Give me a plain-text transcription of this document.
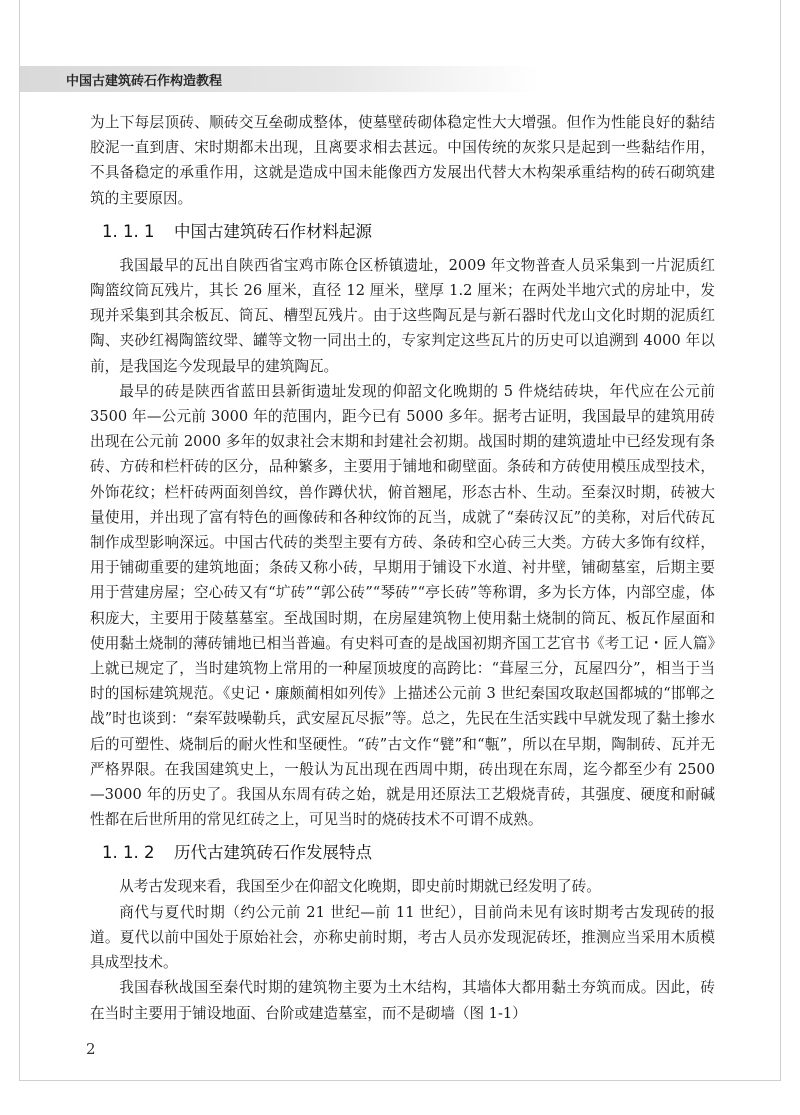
中国古建筑砖石作构造教程

为上下每层顶砖、顺砖交互垒砌成整体，使墓壁砖砌体稳定性大大增强。但作为性能良好的黏结胶泥一直到唐、宋时期都未出现，且离要求相去甚远。中国传统的灰浆只是起到一些黏结作用，不具备稳定的承重作用，这就是造成中国未能像西方发展出代替大木构架承重结构的砖石砌筑建筑的主要原因。

1. 1. 1 中国古建筑砖石作材料起源

我国最早的瓦出自陕西省宝鸡市陈仓区桥镇遗址，2009 年文物普查人员采集到一片泥质红陶篮纹筒瓦残片，其长 26 厘米，直径 12 厘米，壁厚 1.2 厘米；在两处半地穴式的房址中，发现并采集到其余板瓦、筒瓦、槽型瓦残片。由于这些陶瓦是与新石器时代龙山文化时期的泥质红陶、夹砂红褐陶篮纹斝、罐等文物一同出土的，专家判定这些瓦片的历史可以追溯到 4000 年以前，是我国迄今发现最早的建筑陶瓦。

最早的砖是陕西省蓝田县新街遗址发现的仰韶文化晚期的 5 件烧结砖块，年代应在公元前 3500 年—公元前 3000 年的范围内，距今已有 5000 多年。据考古证明，我国最早的建筑用砖出现在公元前 2000 多年的奴隶社会末期和封建社会初期。战国时期的建筑遗址中已经发现有条砖、方砖和栏杆砖的区分，品种繁多，主要用于铺地和砌壁面。条砖和方砖使用模压成型技术，外饰花纹；栏杆砖两面刻兽纹，兽作蹲伏状，俯首翘尾，形态古朴、生动。至秦汉时期，砖被大量使用，并出现了富有特色的画像砖和各种纹饰的瓦当，成就了“秦砖汉瓦”的美称，对后代砖瓦制作成型影响深远。中国古代砖的类型主要有方砖、条砖和空心砖三大类。方砖大多饰有纹样，用于铺砌重要的建筑地面；条砖又称小砖，早期用于铺设下水道、衬井壁，铺砌墓室，后期主要用于营建房屋；空心砖又有“圹砖”“郭公砖”“琴砖”“亭长砖”等称谓，多为长方体，内部空虚，体积庞大，主要用于陵墓墓室。至战国时期，在房屋建筑物上使用黏土烧制的筒瓦、板瓦作屋面和使用黏土烧制的薄砖铺地已相当普遍。有史料可查的是战国初期齐国工艺官书《考工记・匠人篇》上就已规定了，当时建筑物上常用的一种屋顶坡度的高跨比：“葺屋三分，瓦屋四分”，相当于当时的国标建筑规范。《史记・廉颇蔺相如列传》上描述公元前 3 世纪秦国攻取赵国都城的“邯郸之战”时也谈到：“秦军鼓噪勒兵，武安屋瓦尽振”等。总之，先民在生活实践中早就发现了黏土掺水后的可塑性、烧制后的耐火性和坚硬性。“砖”古文作“甓”和“甎”，所以在早期，陶制砖、瓦并无严格界限。在我国建筑史上，一般认为瓦出现在西周中期，砖出现在东周，迄今都至少有 2500—3000 年的历史了。我国从东周有砖之始，就是用还原法工艺煅烧青砖，其强度、硬度和耐碱性都在后世所用的常见红砖之上，可见当时的烧砖技术不可谓不成熟。

1. 1. 2 历代古建筑砖石作发展特点

从考古发现来看，我国至少在仰韶文化晚期，即史前时期就已经发明了砖。

商代与夏代时期（约公元前 21 世纪—前 11 世纪），目前尚未见有该时期考古发现砖的报道。夏代以前中国处于原始社会，亦称史前时期，考古人员亦发现泥砖坯，推测应当采用木质模具成型技术。

我国春秋战国至秦代时期的建筑物主要为土木结构，其墙体大都用黏土夯筑而成。因此，砖在当时主要用于铺设地面、台阶或建造墓室，而不是砌墙（图 1-1）

2
